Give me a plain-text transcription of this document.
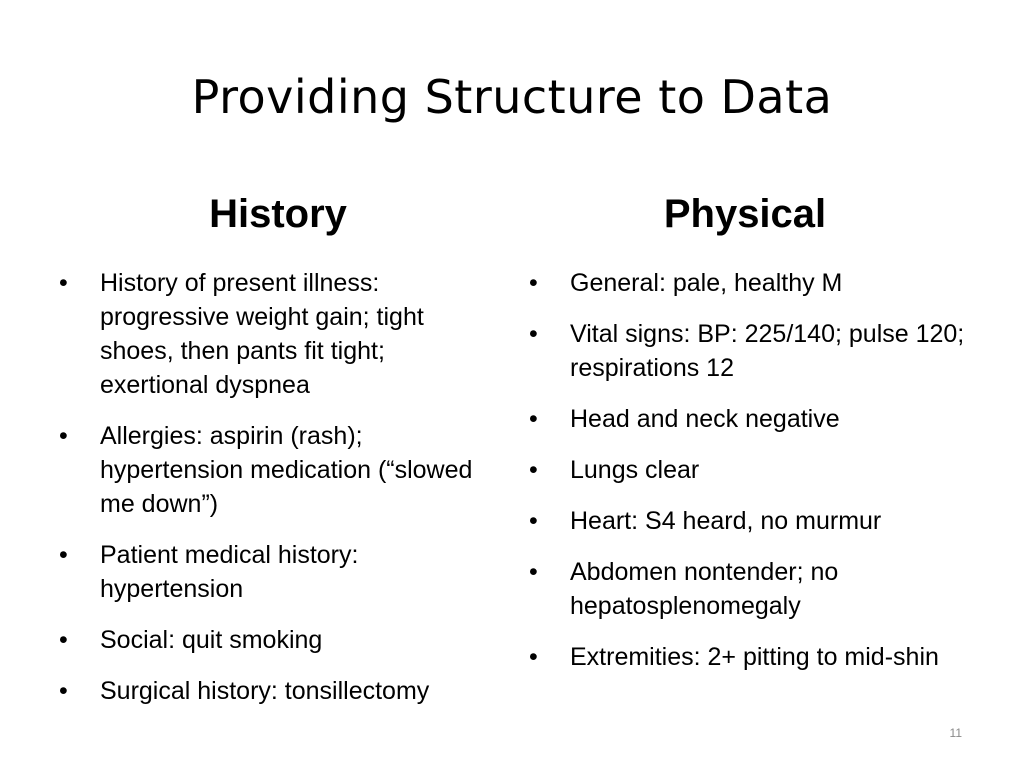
Providing Structure to Data
History	Physical
•	History of present illness: progressive weight gain; tight shoes, then pants fit tight; exertional dyspnea
•	Allergies: aspirin (rash); hypertension medication (“slowed me down”)
•	Patient medical history: hypertension
•	Social: quit smoking
•	Surgical history: tonsillectomy
•	General: pale, healthy M
•	Vital signs: BP: 225/140; pulse 120; respirations 12
•	Head and neck negative
•	Lungs clear
•	Heart: S4 heard, no murmur
•	Abdomen nontender; no hepatosplenomegaly
•	Extremities: 2+ pitting to mid-shin
11
